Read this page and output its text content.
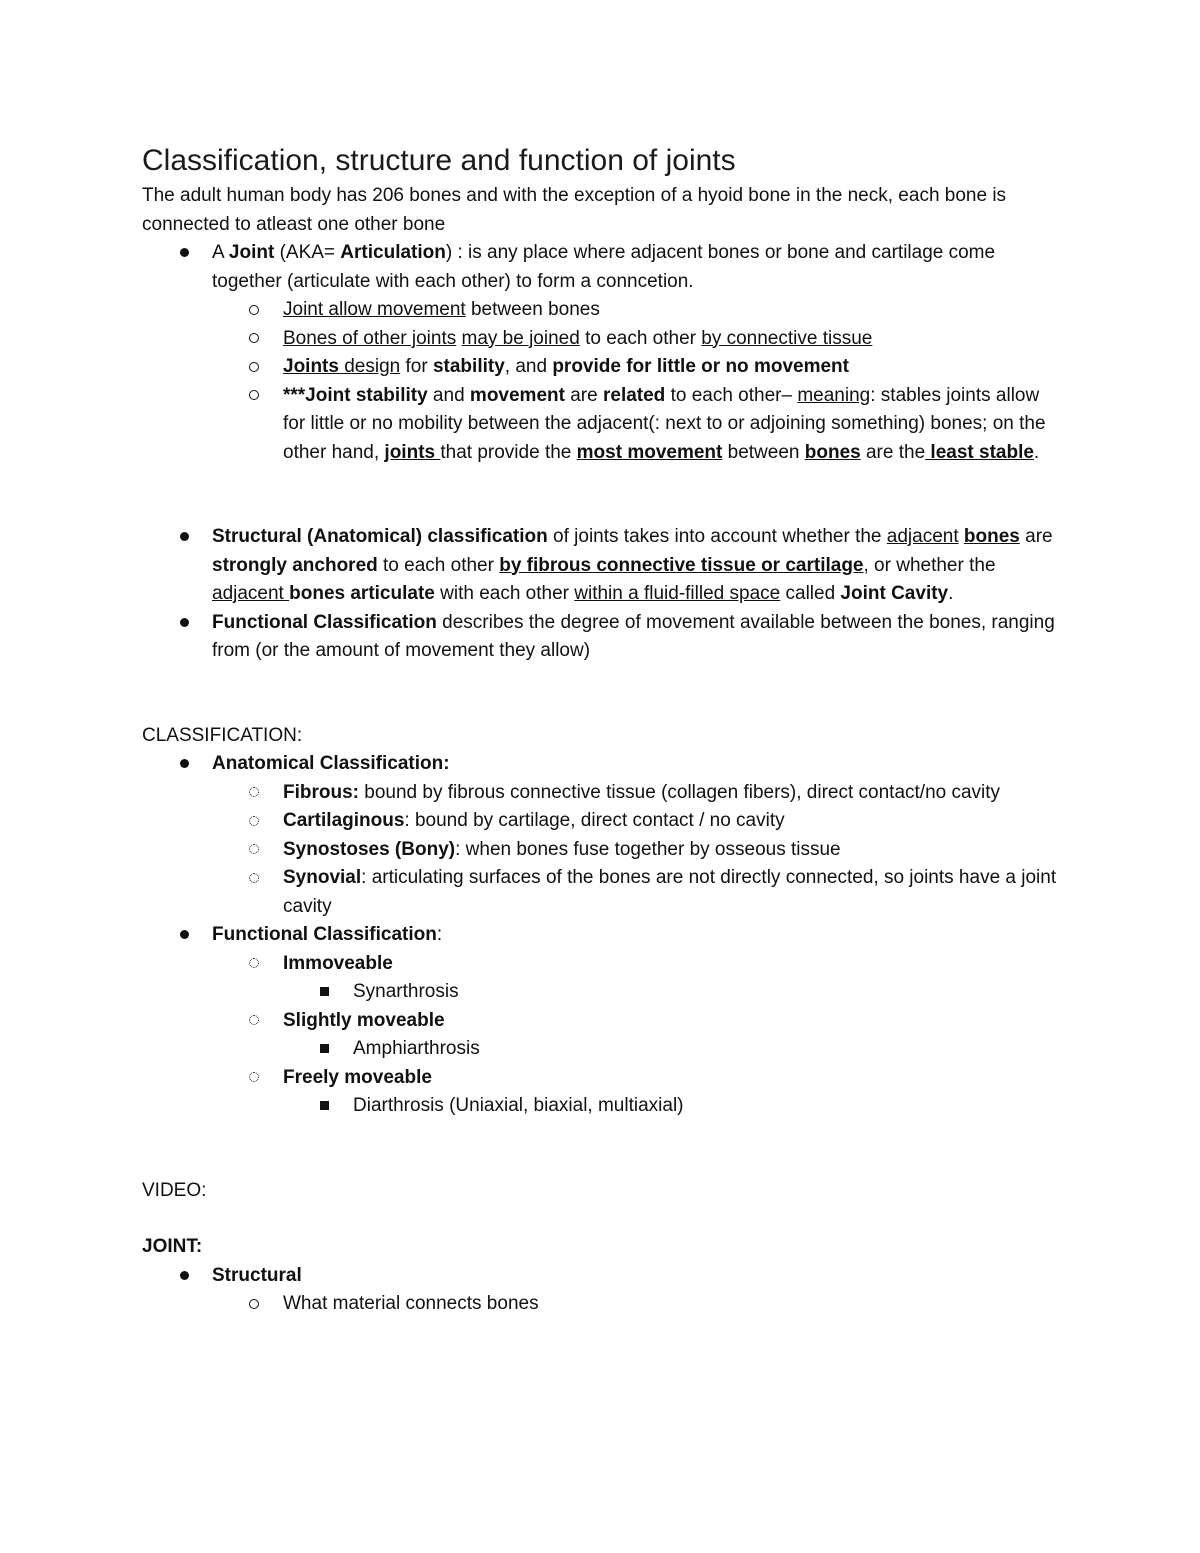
Classification, structure and function of joints
The adult human body has 206 bones and with the exception of a hyoid bone in the neck, each bone is connected to atleast one other bone
A Joint (AKA= Articulation) : is any place where adjacent bones or bone and cartilage come together (articulate with each other) to form a conncetion.
Joint allow movement between bones
Bones of other joints may be joined to each other by connective tissue
Joints design for stability, and provide for little or no movement
***Joint stability and movement are related to each other– meaning: stables joints allow for little or no mobility between the adjacent(: next to or adjoining something) bones; on the other hand, joints that provide the most movement between bones are the least stable.
Structural (Anatomical) classification of joints takes into account whether the adjacent bones are strongly anchored to each other by fibrous connective tissue or cartilage, or whether the adjacent bones articulate with each other within a fluid-filled space called Joint Cavity.
Functional Classification describes the degree of movement available between the bones, ranging from (or the amount of movement they allow)
CLASSIFICATION:
Anatomical Classification:
Fibrous: bound by fibrous connective tissue (collagen fibers), direct contact/no cavity
Cartilaginous: bound by cartilage, direct contact / no cavity
Synostoses (Bony): when bones fuse together by osseous tissue
Synovial: articulating surfaces of the bones are not directly connected, so joints have a joint cavity
Functional Classification:
Immoveable
Synarthrosis
Slightly moveable
Amphiarthrosis
Freely moveable
Diarthrosis (Uniaxial, biaxial, multiaxial)
VIDEO:
JOINT:
Structural
What material connects bones
